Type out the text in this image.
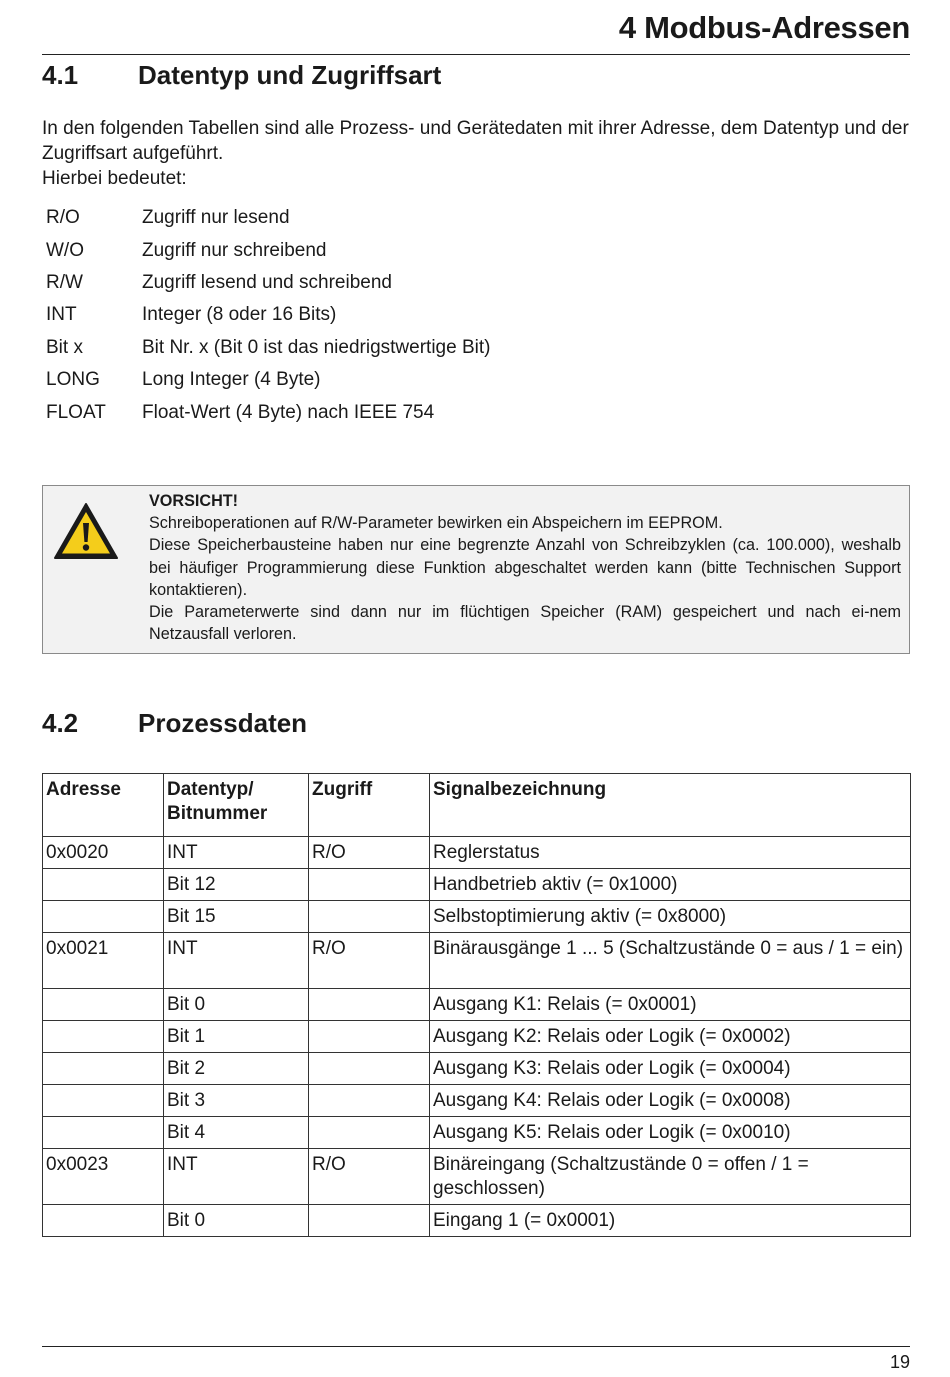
4 Modbus-Adressen
4.1 Datentyp und Zugriffsart

In den folgenden Tabellen sind alle Prozess- und Gerätedaten mit ihrer Adresse, dem Datentyp und der Zugriffsart aufgeführt.

Hierbei bedeutet:

R/O	Zugriff nur lesend
W/O	Zugriff nur schreibend
R/W	Zugriff lesend und schreibend
INT	Integer (8 oder 16 Bits)
Bit x	Bit Nr. x (Bit 0 ist das niedrigstwertige Bit)
LONG	Long Integer (4 Byte)
FLOAT	Float-Wert (4 Byte) nach IEEE 754
VORSICHT!
Schreiboperationen auf R/W-Parameter bewirken ein Abspeichern im EEPROM.
Diese Speicherbausteine haben nur eine begrenzte Anzahl von Schreibzyklen (ca. 100.000), weshalb bei häufiger Programmierung diese Funktion abgeschaltet werden kann (bitte Technischen Support kontaktieren).
Die Parameterwerte sind dann nur im flüchtigen Speicher (RAM) gespeichert und nach ei-nem Netzausfall verloren.
4.2 Prozessdaten
Adresse	Datentyp/ Bitnummer	Zugriff	Signalbezeichnung
0x0020	INT	R/O	Reglerstatus
	Bit 12		Handbetrieb aktiv (= 0x1000)
	Bit 15		Selbstoptimierung aktiv (= 0x8000)
0x0021	INT	R/O	Binärausgänge 1 ... 5 (Schaltzustände 0 = aus / 1 = ein)
	Bit 0		Ausgang K1: Relais (= 0x0001)
	Bit 1		Ausgang K2: Relais oder Logik (= 0x0002)
	Bit 2		Ausgang K3: Relais oder Logik (= 0x0004)
	Bit 3		Ausgang K4: Relais oder Logik (= 0x0008)
	Bit 4		Ausgang K5: Relais oder Logik (= 0x0010)
0x0023	INT	R/O	Binäreingang (Schaltzustände 0 = offen / 1 = geschlossen)
	Bit 0		Eingang 1 (= 0x0001)
19
